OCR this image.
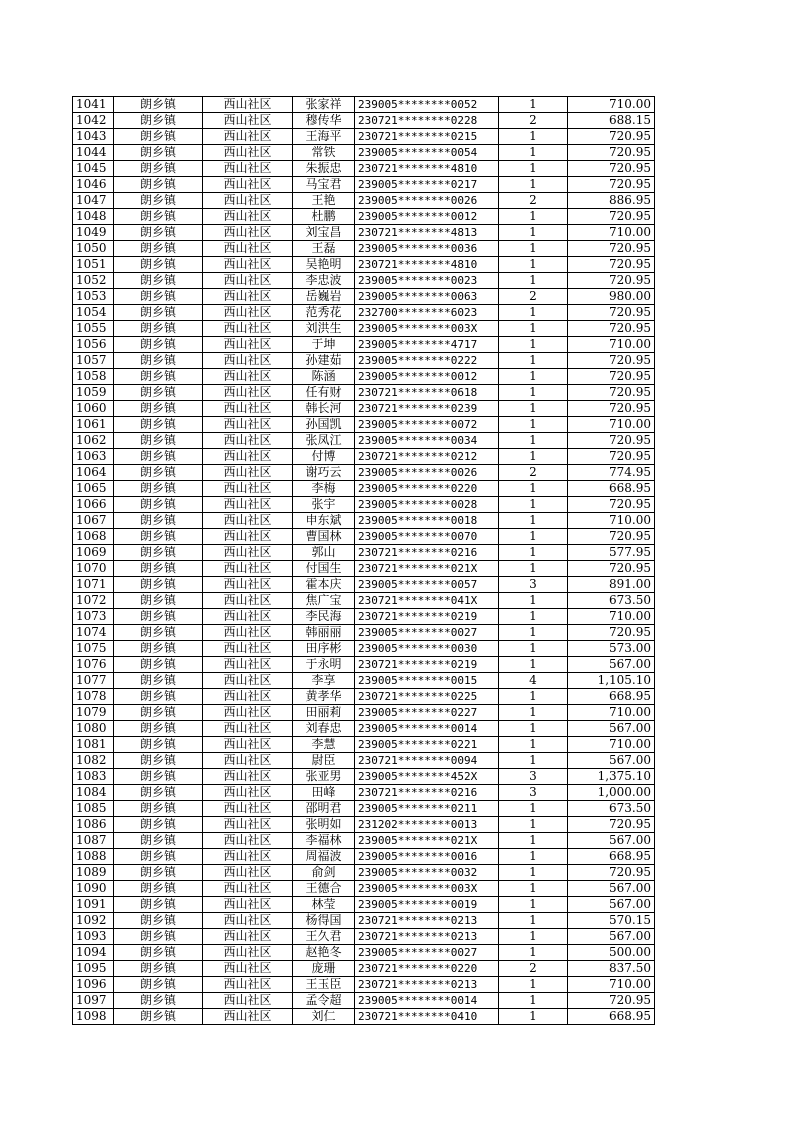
1041	朗乡镇	西山社区	张家祥	239005********0052	1	710.00
1042	朗乡镇	西山社区	穆传华	230721********0228	2	688.15
1043	朗乡镇	西山社区	王海平	230721********0215	1	720.95
1044	朗乡镇	西山社区	常铁	239005********0054	1	720.95
1045	朗乡镇	西山社区	朱振忠	230721********4810	1	720.95
1046	朗乡镇	西山社区	马宝君	239005********0217	1	720.95
1047	朗乡镇	西山社区	王艳	239005********0026	2	886.95
1048	朗乡镇	西山社区	杜鹏	239005********0012	1	720.95
1049	朗乡镇	西山社区	刘宝昌	230721********4813	1	710.00
1050	朗乡镇	西山社区	王磊	239005********0036	1	720.95
1051	朗乡镇	西山社区	吴艳明	230721********4810	1	720.95
1052	朗乡镇	西山社区	李忠波	239005********0023	1	720.95
1053	朗乡镇	西山社区	岳巍岩	239005********0063	2	980.00
1054	朗乡镇	西山社区	范秀花	232700********6023	1	720.95
1055	朗乡镇	西山社区	刘洪生	239005********003X	1	720.95
1056	朗乡镇	西山社区	于坤	239005********4717	1	710.00
1057	朗乡镇	西山社区	孙建茹	239005********0222	1	720.95
1058	朗乡镇	西山社区	陈涵	239005********0012	1	720.95
1059	朗乡镇	西山社区	任有财	230721********0618	1	720.95
1060	朗乡镇	西山社区	韩长河	230721********0239	1	720.95
1061	朗乡镇	西山社区	孙国凯	239005********0072	1	710.00
1062	朗乡镇	西山社区	张凤江	239005********0034	1	720.95
1063	朗乡镇	西山社区	付博	230721********0212	1	720.95
1064	朗乡镇	西山社区	谢巧云	239005********0026	2	774.95
1065	朗乡镇	西山社区	李梅	239005********0220	1	668.95
1066	朗乡镇	西山社区	张宇	239005********0028	1	720.95
1067	朗乡镇	西山社区	申东斌	239005********0018	1	710.00
1068	朗乡镇	西山社区	曹国林	239005********0070	1	720.95
1069	朗乡镇	西山社区	郭山	230721********0216	1	577.95
1070	朗乡镇	西山社区	付国生	230721********021X	1	720.95
1071	朗乡镇	西山社区	霍本庆	239005********0057	3	891.00
1072	朗乡镇	西山社区	焦广宝	230721********041X	1	673.50
1073	朗乡镇	西山社区	李民海	230721********0219	1	710.00
1074	朗乡镇	西山社区	韩丽丽	239005********0027	1	720.95
1075	朗乡镇	西山社区	田序彬	239005********0030	1	573.00
1076	朗乡镇	西山社区	于永明	230721********0219	1	567.00
1077	朗乡镇	西山社区	李享	239005********0015	4	1,105.10
1078	朗乡镇	西山社区	黄孝华	230721********0225	1	668.95
1079	朗乡镇	西山社区	田丽莉	239005********0227	1	710.00
1080	朗乡镇	西山社区	刘春忠	239005********0014	1	567.00
1081	朗乡镇	西山社区	李慧	239005********0221	1	710.00
1082	朗乡镇	西山社区	尉臣	230721********0094	1	567.00
1083	朗乡镇	西山社区	张亚男	239005********452X	3	1,375.10
1084	朗乡镇	西山社区	田峰	230721********0216	3	1,000.00
1085	朗乡镇	西山社区	邵明君	239005********0211	1	673.50
1086	朗乡镇	西山社区	张明如	231202********0013	1	720.95
1087	朗乡镇	西山社区	李福林	239005********021X	1	567.00
1088	朗乡镇	西山社区	周福波	239005********0016	1	668.95
1089	朗乡镇	西山社区	俞剑	239005********0032	1	720.95
1090	朗乡镇	西山社区	王德合	239005********003X	1	567.00
1091	朗乡镇	西山社区	林莹	239005********0019	1	567.00
1092	朗乡镇	西山社区	杨得国	230721********0213	1	570.15
1093	朗乡镇	西山社区	王久君	230721********0213	1	567.00
1094	朗乡镇	西山社区	赵艳冬	239005********0027	1	500.00
1095	朗乡镇	西山社区	庞珊	230721********0220	2	837.50
1096	朗乡镇	西山社区	王玉臣	230721********0213	1	710.00
1097	朗乡镇	西山社区	孟令超	239005********0014	1	720.95
1098	朗乡镇	西山社区	刘仁	230721********0410	1	668.95
